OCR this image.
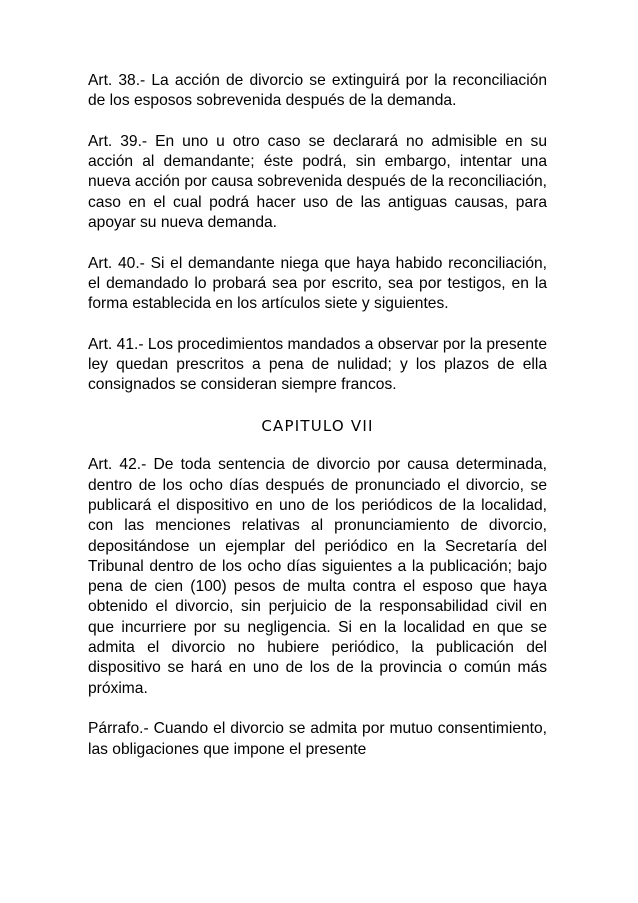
Art. 38.- La acción de divorcio se extinguirá por la reconciliación de los esposos sobrevenida después de la demanda.

Art. 39.- En uno u otro caso se declarará no admisible en su acción al demandante; éste podrá, sin embargo, intentar una nueva acción por causa sobrevenida después de la reconciliación, caso en el cual podrá hacer uso de las antiguas causas, para apoyar su nueva demanda.

Art. 40.- Si el demandante niega que haya habido reconciliación, el demandado lo probará sea por escrito, sea por testigos, en la forma establecida en los artículos siete y siguientes.

Art. 41.- Los procedimientos mandados a observar por la presente ley quedan prescritos a pena de nulidad; y los plazos de ella consignados se consideran siempre francos.

CAPITULO VII

Art. 42.- De toda sentencia de divorcio por causa determinada, dentro de los ocho días después de pronunciado el divorcio, se publicará el dispositivo en uno de los periódicos de la localidad, con las menciones relativas al pronunciamiento de divorcio, depositándose un ejemplar del periódico en la Secretaría del Tribunal dentro de los ocho días siguientes a la publicación; bajo pena de cien (100) pesos de multa contra el esposo que haya obtenido el divorcio, sin perjuicio de la responsabilidad civil en que incurriere por su negligencia. Si en la localidad en que se admita el divorcio no hubiere periódico, la publicación del dispositivo se hará en uno de los de la provincia o común más próxima.

Párrafo.- Cuando el divorcio se admita por mutuo consentimiento, las obligaciones que impone el presente
